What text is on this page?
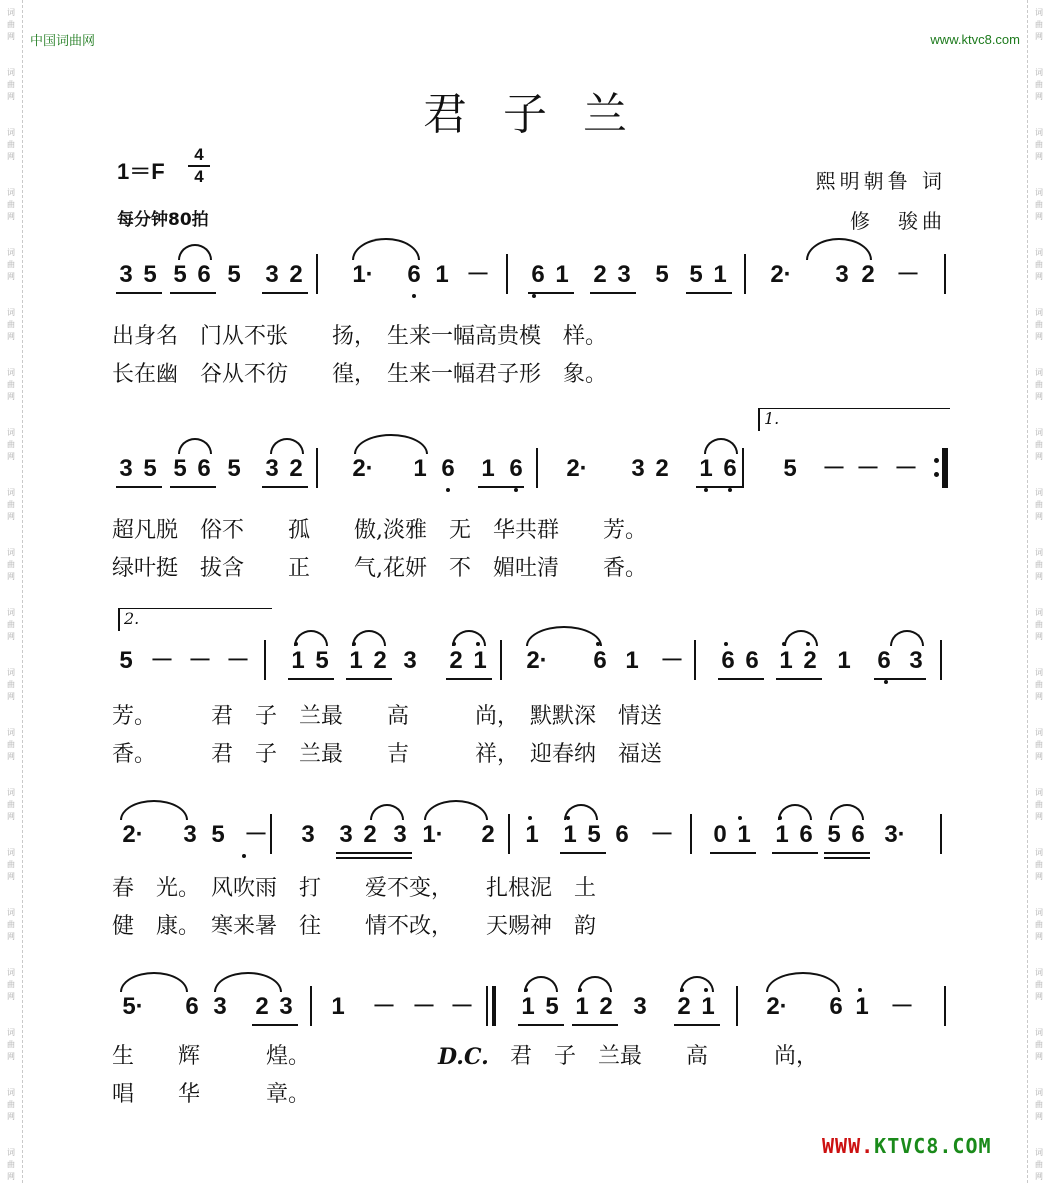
词
曲
网
词
曲
网
词
曲
网
词
曲
网
词
曲
网
词
曲
网
词
曲
网
词
曲
网
词
曲
网
词
曲
网
词
曲
网
词
曲
网
词
曲
网
词
曲
网
词
曲
网
词
曲
网
词
曲
网
词
曲
网
词
曲
网
词
曲
网
词
曲
网
词
曲
网
词
曲
网
词
曲
网
词
曲
网
词
曲
网
词
曲
网
词
曲
网
词
曲
网
词
曲
网
词
曲
网
词
曲
网
词
曲
网
词
曲
网
词
曲
网
词
曲
网
词
曲
网
词
曲
网
词
曲
网
词
曲
网
中国词曲网	www.ktvc8.com
君子兰
1＝F
4
4
每分钟80拍
熙明朝鲁 词
修　骏曲
3 5 5 6 5 3 2 1· 6 1 － 6 1 2 3 5 5 1 2· 3 2 －
出身名　门从不张　　扬，　生来一幅高贵模　样。
长在幽　谷从不彷　　徨，　生来一幅君子形　象。
3 5 5 6 5 3 2 2· 1 6 1 6 2· 3 2 1 6 5 － － －
超凡脱　俗不　　孤　　傲,淡雅　无　华共群　　芳。
绿叶挺　拔含　　正　　气,花妍　不　媚吐清　　香。
1.
5 － － － 1 5 1 2 3 2 1 2· 6 1 － 6 6 1 2 1 6 3
芳。　　　君　子　兰最　　高　　　尚，　默默深　情送
香。　　　君　子　兰最　　吉　　　祥，　迎春纳　福送
2.
2· 3 5 － 3 3 2 3 1· 2 1 1 5 6 － 0 1 1 6 5 6 3·
春　光。　风吹雨　打　　爱不变，　　扎根泥　土
健　康。　寒来暑　往　　情不改，　　天赐神　韵
5· 6 3 2 3 1 － － － 1 5 1 2 3 2 1 2· 6 1 －
生　　辉　　　煌。　	D.C. 君　子　兰最　　高　　　尚，
唱　　华　　　章。
WWW.KTVC8.COM
